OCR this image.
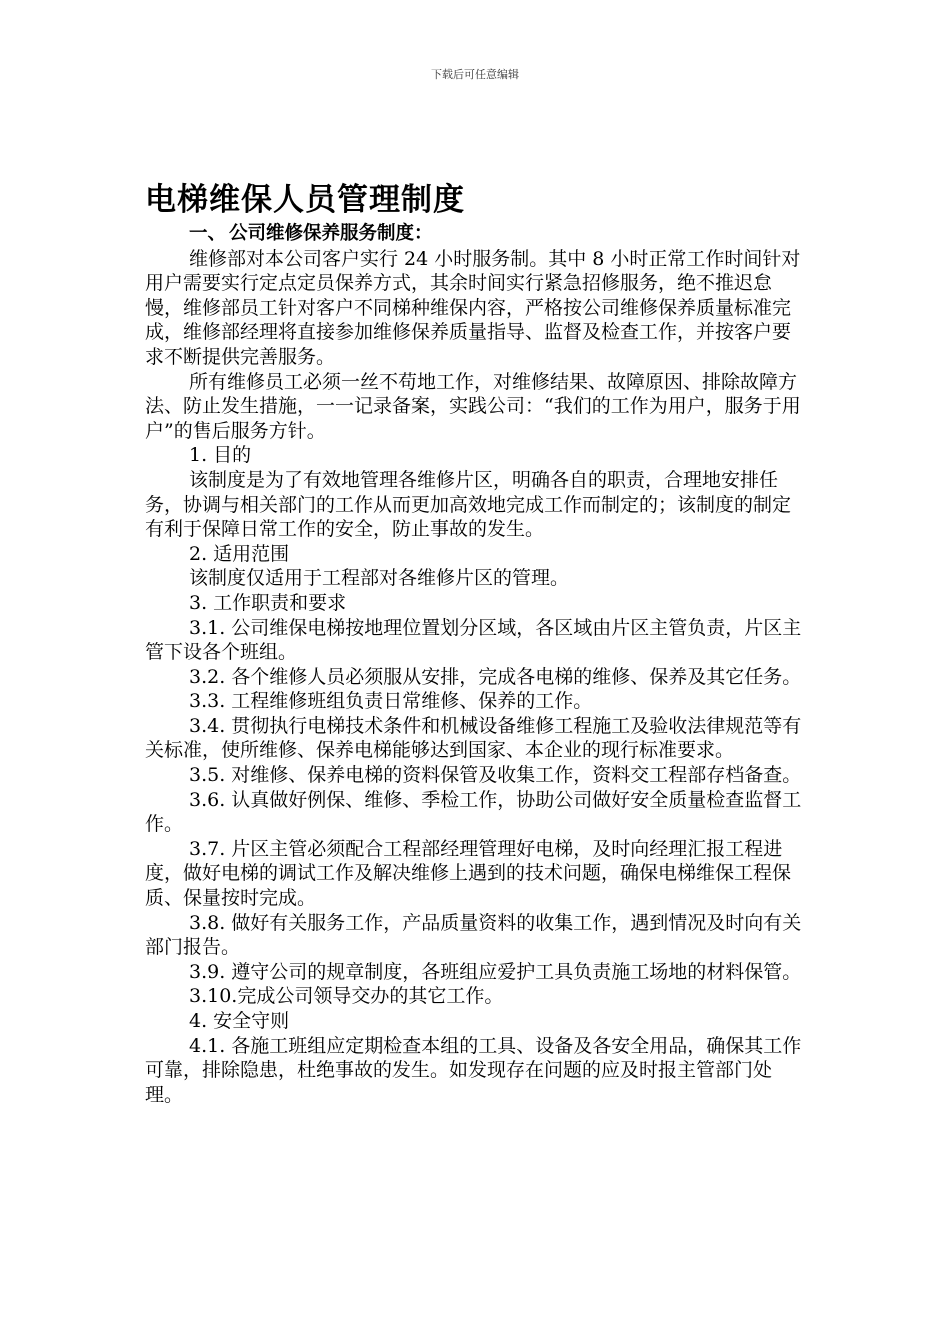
下载后可任意编辑
电梯维保人员管理制度
一、 公司维修保养服务制度：

维修部对本公司客户实行 24 小时服务制。其中 8 小时正常工作时间针对用户需要实行定点定员保养方式，其余时间实行紧急招修服务，绝不推迟怠慢，维修部员工针对客户不同梯种维保内容，严格按公司维修保养质量标准完成，维修部经理将直接参加维修保养质量指导、监督及检查工作，并按客户要求不断提供完善服务。

所有维修员工必须一丝不苟地工作，对维修结果、故障原因、排除故障方法、防止发生措施，一一记录备案，实践公司：“我们的工作为用户，服务于用户”的售后服务方针。

1. 目的

该制度是为了有效地管理各维修片区，明确各自的职责，合理地安排任务，协调与相关部门的工作从而更加高效地完成工作而制定的；该制度的制定有利于保障日常工作的安全，防止事故的发生。

2. 适用范围

该制度仅适用于工程部对各维修片区的管理。

3. 工作职责和要求

3.1. 公司维保电梯按地理位置划分区域，各区域由片区主管负责，片区主管下设各个班组。

3.2. 各个维修人员必须服从安排，完成各电梯的维修、保养及其它任务。

3.3. 工程维修班组负责日常维修、保养的工作。

3.4. 贯彻执行电梯技术条件和机械设备维修工程施工及验收法律规范等有关标准，使所维修、保养电梯能够达到国家、本企业的现行标准要求。

3.5. 对维修、保养电梯的资料保管及收集工作，资料交工程部存档备查。

3.6. 认真做好例保、维修、季检工作，协助公司做好安全质量检查监督工作。

3.7. 片区主管必须配合工程部经理管理好电梯，及时向经理汇报工程进度，做好电梯的调试工作及解决维修上遇到的技术问题，确保电梯维保工程保质、保量按时完成。

3.8. 做好有关服务工作，产品质量资料的收集工作，遇到情况及时向有关部门报告。

3.9. 遵守公司的规章制度，各班组应爱护工具负责施工场地的材料保管。

3.10.完成公司领导交办的其它工作。

4. 安全守则

4.1. 各施工班组应定期检查本组的工具、设备及各安全用品，确保其工作可靠，排除隐患，杜绝事故的发生。如发现存在问题的应及时报主管部门处理。
